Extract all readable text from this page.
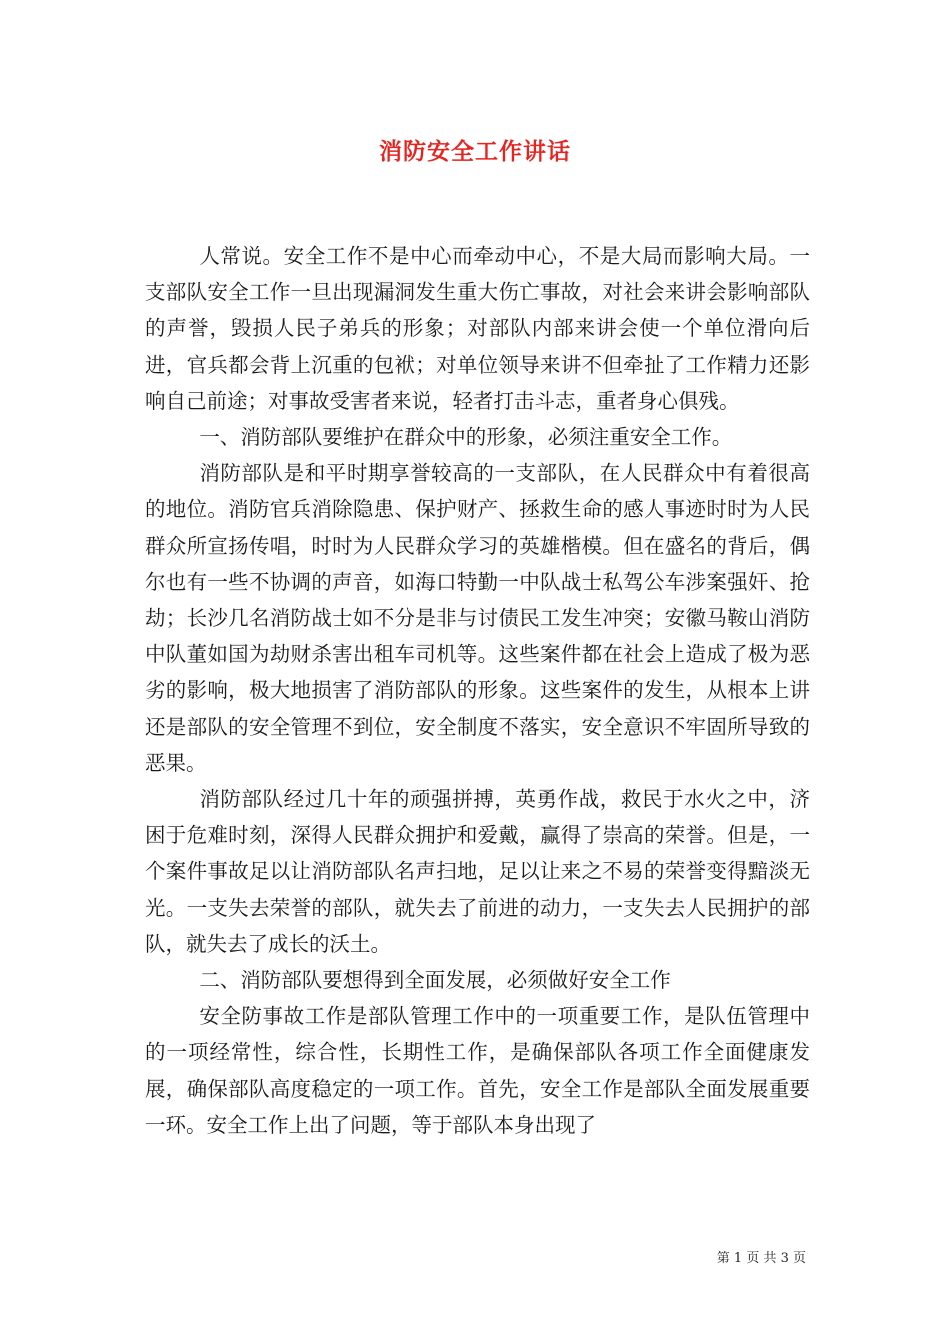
消防安全工作讲话

人常说。安全工作不是中心而牵动中心，不是大局而影响大局。一支部队安全工作一旦出现漏洞发生重大伤亡事故，对社会来讲会影响部队的声誉，毁损人民子弟兵的形象；对部队内部来讲会使一个单位滑向后进，官兵都会背上沉重的包袱；对单位领导来讲不但牵扯了工作精力还影响自己前途；对事故受害者来说，轻者打击斗志，重者身心俱残。

一、消防部队要维护在群众中的形象，必须注重安全工作。

消防部队是和平时期享誉较高的一支部队，在人民群众中有着很高的地位。消防官兵消除隐患、保护财产、拯救生命的感人事迹时时为人民群众所宣扬传唱，时时为人民群众学习的英雄楷模。但在盛名的背后，偶尔也有一些不协调的声音，如海口特勤一中队战士私驾公车涉案强奸、抢劫；长沙几名消防战士如不分是非与讨债民工发生冲突；安徽马鞍山消防中队董如国为劫财杀害出租车司机等。这些案件都在社会上造成了极为恶劣的影响，极大地损害了消防部队的形象。这些案件的发生，从根本上讲还是部队的安全管理不到位，安全制度不落实，安全意识不牢固所导致的恶果。

消防部队经过几十年的顽强拼搏，英勇作战，救民于水火之中，济困于危难时刻，深得人民群众拥护和爱戴，赢得了崇高的荣誉。但是，一个案件事故足以让消防部队名声扫地，足以让来之不易的荣誉变得黯淡无光。一支失去荣誉的部队，就失去了前进的动力，一支失去人民拥护的部队，就失去了成长的沃土。

二、消防部队要想得到全面发展，必须做好安全工作

安全防事故工作是部队管理工作中的一项重要工作，是队伍管理中的一项经常性，综合性，长期性工作，是确保部队各项工作全面健康发展，确保部队高度稳定的一项工作。首先，安全工作是部队全面发展重要一环。安全工作上出了问题，等于部队本身出现了

第 1 页 共 3 页
